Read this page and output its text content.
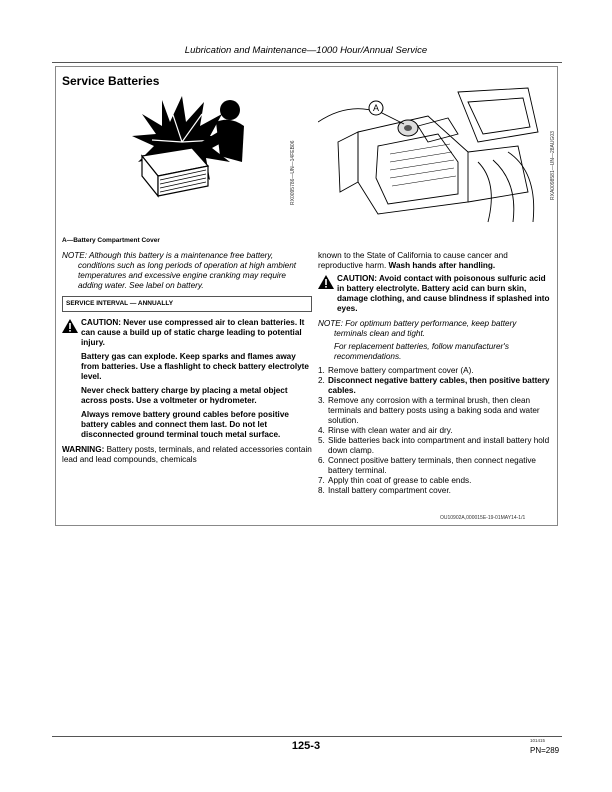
Lubrication and Maintenance—1000 Hour/Annual Service
Service Batteries
RX0095786—UN—14FEB06
A
RXA0098581—UN—28AUG03
A—Battery Compartment Cover

NOTE: Although this battery is a maintenance free battery,
conditions such as long periods of operation at high ambient temperatures and excessive engine cranking may require adding water. See label on battery.

SERVICE INTERVAL — ANNUALLY
CAUTION: Never use compressed air to clean batteries. It can cause a build up of static charge leading to potential injury.
Battery gas can explode. Keep sparks and flames away from batteries. Use a flashlight to check battery electrolyte level.
Never check battery charge by placing a metal object across posts. Use a voltmeter or hydrometer.
Always remove battery ground cables before positive battery cables and connect them last. Do not let disconnected ground terminal touch metal surface.

WARNING: Battery posts, terminals, and related accessories contain lead and lead compounds, chemicals

known to the State of California to cause cancer and reproductive harm. Wash hands after handling.

CAUTION: Avoid contact with poisonous sulfuric acid in battery electrolyte. Battery acid can burn skin, damage clothing, and cause blindness if splashed into eyes.

NOTE: For optimum battery performance, keep battery
terminals clean and tight.
For replacement batteries, follow manufacturer's recommendations.

1. Remove battery compartment cover (A).
2. Disconnect negative battery cables, then positive battery cables.
3. Remove any corrosion with a terminal brush, then clean terminals and battery posts using a baking soda and water solution.
4. Rinse with clean water and air dry.
5. Slide batteries back into compartment and install battery hold down clamp.
6. Connect positive battery terminals, then connect negative battery terminal.
7. Apply thin coat of grease to cable ends.
8. Install battery compartment cover.
OU10902A,000015E-19-01MAY14-1/1
125-3	101415
PN=289
